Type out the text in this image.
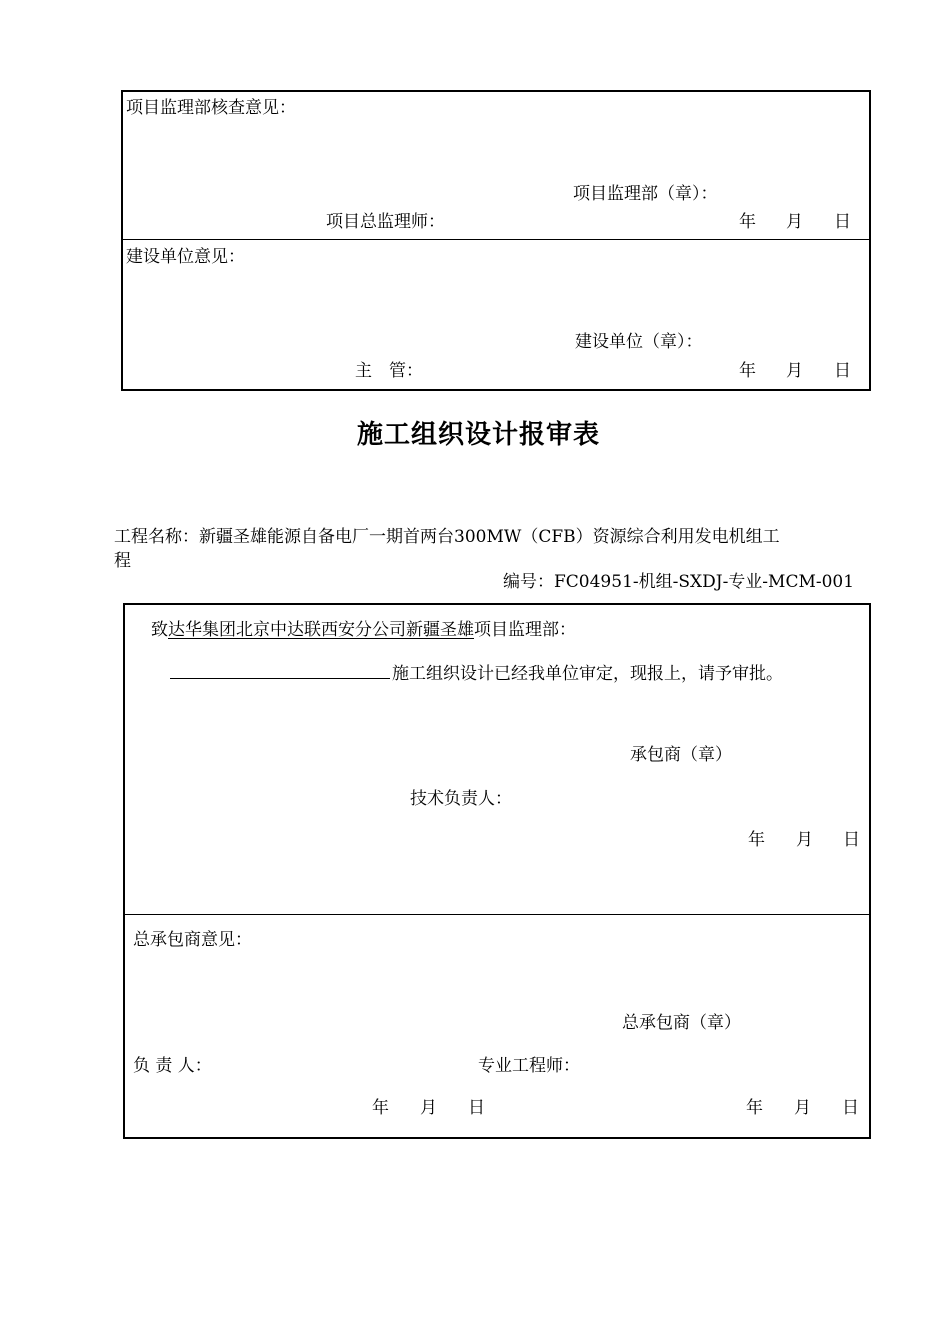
项目监理部核查意见：
项目监理部（章）：
项目总监理师：	年 月 日
建设单位意见：
建设单位（章）：
主　管：	年 月 日
施工组织设计报审表
工程名称：新疆圣雄能源自备电厂一期首两台300MW（CFB）资源综合利用发电机组工
程
编号：FC04951-机组-SXDJ-专业-MCM-001
致达华集团北京中达联西安分公司新疆圣雄项目监理部：
施工组织设计已经我单位审定，现报上，请予审批。
承包商（章）
技术负责人：
年 月 日
总承包商意见：
总承包商（章）
负 责 人：	专业工程师：
年 月 日	年 月 日
